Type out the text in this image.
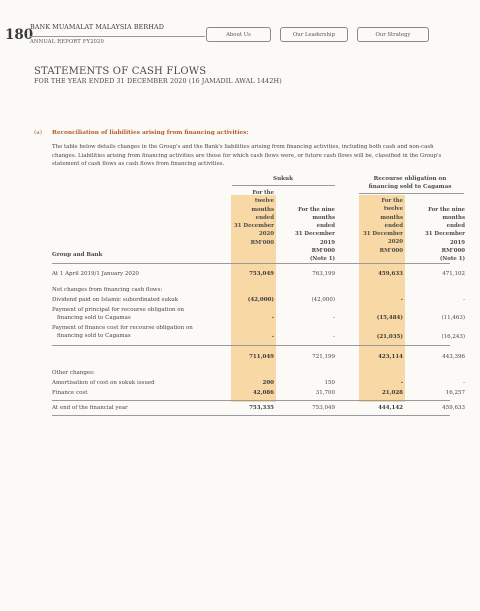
180
BANK MUAMALAT MALAYSIA BERHAD
ANNUAL REPORT FY2020
About Us	Our Leadership	Our Strategy
STATEMENTS OF CASH FLOWS
FOR THE YEAR ENDED 31 DECEMBER 2020 (16 JAMADIL AWAL 1442H)
(a) Reconciliation of liabilities arising from financing activities:
The table below details changes in the Group's and the Bank's liabilities arising from financing activities, including both cash and non-cash changes. Liabilities arising from financing activities are those for which cash flows were, or future cash flows will be, classified in the Group's statement of cash flows as cash flows from financing activities.
Sukuk	Recourse obligation on
financing sold to Cagamas
For the
twelve
months
ended
31 December
2020
RM'000

For the nine
months
ended
31 December
2019
RM'000
(Note 1)
For the
twelve
months
ended
31 December
2020
RM'000

For the nine
months
ended
31 December
2019
RM'000
(Note 1)
Group and Bank
At 1 April 2019/1 January 2020	753,049	763,199	459,633	471,102
Net changes from financing cash flows:
Dividend paid on Islamic subordinated sukuk	(42,000)	(42,000)	-	-
Payment of principal for recourse obligation on
financing sold to Cagamas	-	-	(15,484)	(11,463)
Payment of finance cost for recourse obligation on
financing sold to Cagamas	-	-	(21,035)	(16,243)
711,049	721,199	423,114	443,396
Other changes:
Amortisation of cost on sukuk issued	200	150	-	-
Finance cost	42,086	31,700	21,028	16,257
At end of the financial year	753,335	753,049	444,142	459,633
